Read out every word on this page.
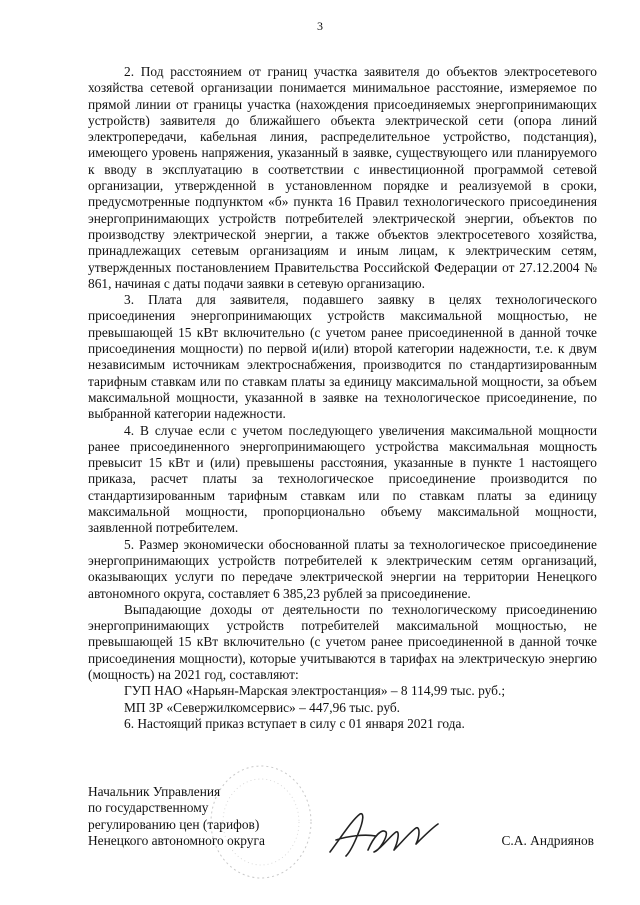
3

2. Под расстоянием от границ участка заявителя до объектов электросетевого хозяйства сетевой организации понимается минимальное расстояние, измеряемое по прямой линии от границы участка (нахождения присоединяемых энергопринимающих устройств) заявителя до ближайшего объекта электрической сети (опора линий электропередачи, кабельная линия, распределительное устройство, подстанция), имеющего уровень напряжения, указанный в заявке, существующего или планируемого к вводу в эксплуатацию в соответствии с инвестиционной программой сетевой организации, утвержденной в установленном порядке и реализуемой в сроки, предусмотренные подпунктом «б» пункта 16 Правил технологического присоединения энергопринимающих устройств потребителей электрической энергии, объектов по производству электрической энергии, а также объектов электросетевого хозяйства, принадлежащих сетевым организациям и иным лицам, к электрическим сетям, утвержденных постановлением Правительства Российской Федерации от 27.12.2004 № 861, начиная с даты подачи заявки в сетевую организацию.

3. Плата для заявителя, подавшего заявку в целях технологического присоединения энергопринимающих устройств максимальной мощностью, не превышающей 15 кВт включительно (с учетом ранее присоединенной в данной точке присоединения мощности) по первой и(или) второй категории надежности, т.е. к двум независимым источникам электроснабжения, производится по стандартизированным тарифным ставкам или по ставкам платы за единицу максимальной мощности, за объем максимальной мощности, указанной в заявке на технологическое присоединение, по выбранной категории надежности.

4. В случае если с учетом последующего увеличения максимальной мощности ранее присоединенного энергопринимающего устройства максимальная мощность превысит 15 кВт и (или) превышены расстояния, указанные в пункте 1 настоящего приказа, расчет платы за технологическое присоединение производится по стандартизированным тарифным ставкам или по ставкам платы за единицу максимальной мощности, пропорционально объему максимальной мощности, заявленной потребителем.

5. Размер экономически обоснованной платы за технологическое присоединение энергопринимающих устройств потребителей к электрическим сетям организаций, оказывающих услуги по передаче электрической энергии на территории Ненецкого автономного округа, составляет 6 385,23 рублей за присоединение.

Выпадающие доходы от деятельности по технологическому присоединению энергопринимающих устройств потребителей максимальной мощностью, не превышающей 15 кВт включительно (с учетом ранее присоединенной в данной точке присоединения мощности), которые учитываются в тарифах на электрическую энергию (мощность) на 2021 год, составляют:

ГУП НАО «Нарьян-Марская электростанция» – 8 114,99 тыс. руб.;

МП ЗР «Севержилкомсервис» – 447,96 тыс. руб.

6. Настоящий приказ вступает в силу с 01 января 2021 года.

Начальник Управления
по государственному
регулированию цен (тарифов)
Ненецкого автономного округа	С.А. Андриянов
